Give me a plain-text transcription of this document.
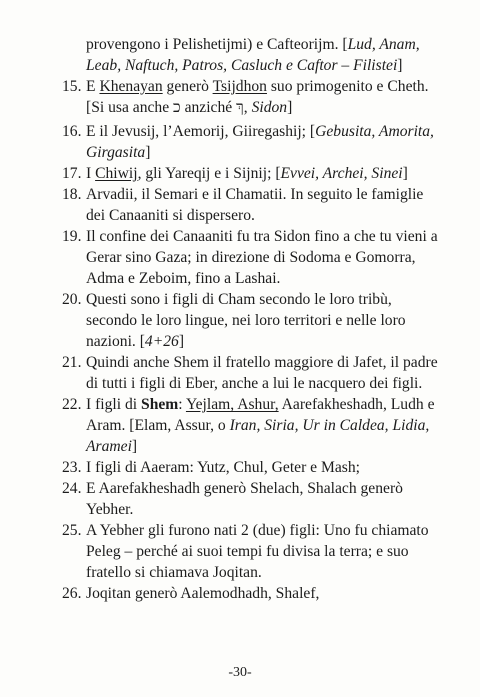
provengono i Pelishetijmi) e Cafteorijm. [Lud, Anam, Leab, Naftuch, Patros, Casluch e Caftor – Filistei]

15. E Khenayan generò Tsijdhon suo primogenito e Cheth. [Si usa anche כ anziché ךְ, Sidon]

16. E il Jevusij, l’Aemorij, Giiregashij; [Gebusita, Amorita, Girgasita]

17. I Chiwij, gli Yareqij e i Sijnij; [Evvei, Archei, Sinei]

18. Arvadii, il Semari e il Chamatii. In seguito le famiglie dei Canaaniti si dispersero.

19. Il confine dei Canaaniti fu tra Sidon fino a che tu vieni a Gerar sino Gaza; in direzione di Sodoma e Gomorra, Adma e Zeboim, fino a Lashai.

20. Questi sono i figli di Cham secondo le loro tribù, secondo le loro lingue, nei loro territori e nelle loro nazioni. [4+26]

21. Quindi anche Shem il fratello maggiore di Jafet, il padre di tutti i figli di Eber, anche a lui le nacquero dei figli.

22. I figli di Shem: Yejlam, Ashur, Aarefakheshadh, Ludh e Aram. [Elam, Assur, o Iran, Siria, Ur in Caldea, Lidia, Aramei]

23. I figli di Aaeram: Yutz, Chul, Geter e Mash;

24. E Aarefakheshadh generò Shelach, Shalach generò Yebher.

25. A Yebher gli furono nati 2 (due) figli: Uno fu chiamato Peleg – perché ai suoi tempi fu divisa la terra; e suo fratello si chiamava Joqitan.

26. Joqitan generò Aalemodhadh, Shalef,

-30-
